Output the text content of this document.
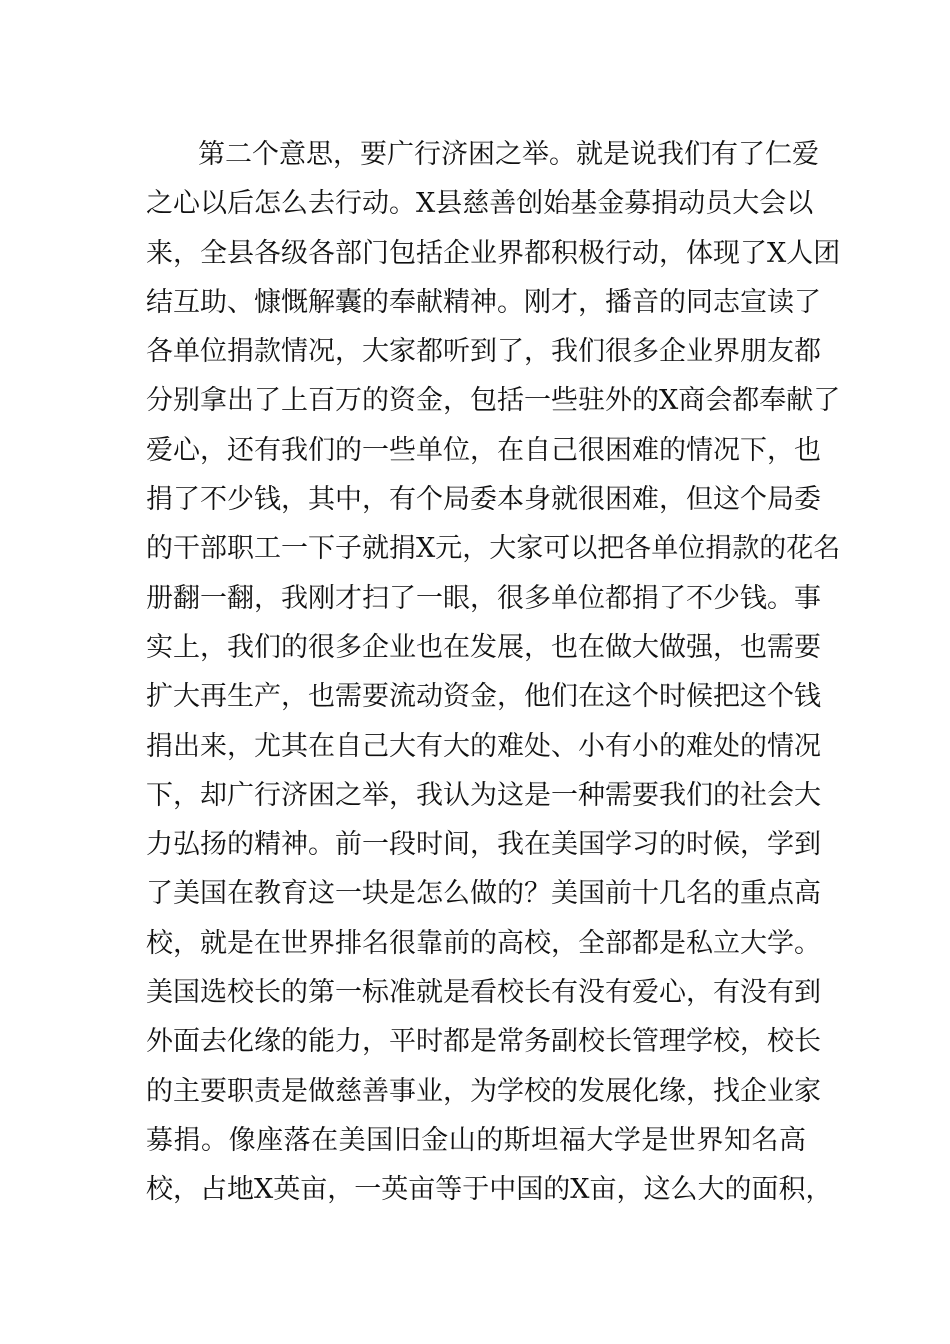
第二个意思，要广行济困之举。就是说我们有了仁爱
之心以后怎么去行动。X县慈善创始基金募捐动员大会以
来，全县各级各部门包括企业界都积极行动，体现了X人团
结互助、慷慨解囊的奉献精神。刚才，播音的同志宣读了
各单位捐款情况，大家都听到了，我们很多企业界朋友都
分别拿出了上百万的资金，包括一些驻外的X商会都奉献了
爱心，还有我们的一些单位，在自己很困难的情况下，也
捐了不少钱，其中，有个局委本身就很困难，但这个局委
的干部职工一下子就捐X元，大家可以把各单位捐款的花名
册翻一翻，我刚才扫了一眼，很多单位都捐了不少钱。事
实上，我们的很多企业也在发展，也在做大做强，也需要
扩大再生产，也需要流动资金，他们在这个时候把这个钱
捐出来，尤其在自己大有大的难处、小有小的难处的情况
下，却广行济困之举，我认为这是一种需要我们的社会大
力弘扬的精神。前一段时间，我在美国学习的时候，学到
了美国在教育这一块是怎么做的？美国前十几名的重点高
校，就是在世界排名很靠前的高校，全部都是私立大学。
美国选校长的第一标准就是看校长有没有爱心，有没有到
外面去化缘的能力，平时都是常务副校长管理学校，校长
的主要职责是做慈善事业，为学校的发展化缘，找企业家
募捐。像座落在美国旧金山的斯坦福大学是世界知名高
校，占地X英亩，一英亩等于中国的X亩，这么大的面积，
